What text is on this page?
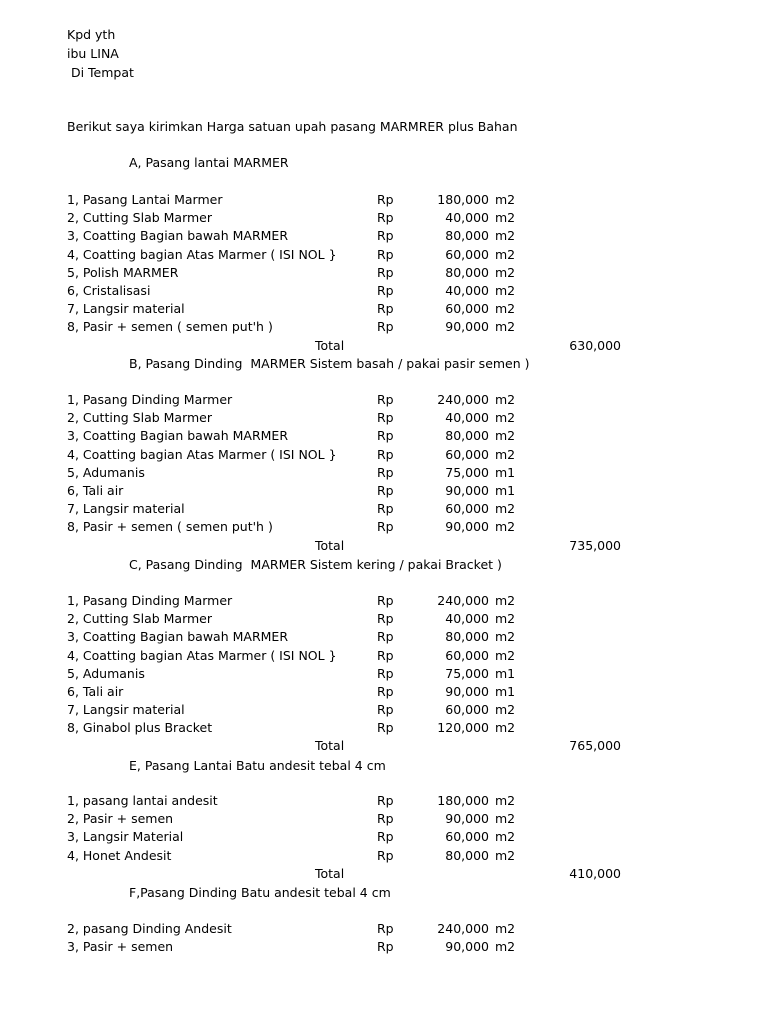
Kpd yth
ibu LINA
Di Tempat
Berikut saya kirimkan Harga satuan upah pasang MARMRER plus Bahan
A, Pasang lantai MARMER
1, Pasang Lantai Marmer	Rp	180,000 m2
2, Cutting Slab Marmer	Rp	40,000 m2
3, Coatting Bagian bawah MARMER	Rp	80,000 m2
4, Coatting bagian Atas Marmer ( ISI NOL }	Rp	60,000 m2
5, Polish MARMER	Rp	80,000 m2
6, Cristalisasi	Rp	40,000 m2
7, Langsir material	Rp	60,000 m2
8, Pasir + semen ( semen put'h )	Rp	90,000 m2
Total	630,000
B, Pasang Dinding  MARMER Sistem basah / pakai pasir semen )
1, Pasang Dinding Marmer	Rp	240,000 m2
2, Cutting Slab Marmer	Rp	40,000 m2
3, Coatting Bagian bawah MARMER	Rp	80,000 m2
4, Coatting bagian Atas Marmer ( ISI NOL }	Rp	60,000 m2
5, Adumanis	Rp	75,000 m1
6, Tali air	Rp	90,000 m1
7, Langsir material	Rp	60,000 m2
8, Pasir + semen ( semen put'h )	Rp	90,000 m2
Total	735,000
C, Pasang Dinding  MARMER Sistem kering / pakai Bracket )
1, Pasang Dinding Marmer	Rp	240,000 m2
2, Cutting Slab Marmer	Rp	40,000 m2
3, Coatting Bagian bawah MARMER	Rp	80,000 m2
4, Coatting bagian Atas Marmer ( ISI NOL }	Rp	60,000 m2
5, Adumanis	Rp	75,000 m1
6, Tali air	Rp	90,000 m1
7, Langsir material	Rp	60,000 m2
8, Ginabol plus Bracket	Rp	120,000 m2
Total	765,000
E, Pasang Lantai Batu andesit tebal 4 cm
1, pasang lantai andesit	Rp	180,000 m2
2, Pasir + semen	Rp	90,000 m2
3, Langsir Material	Rp	60,000 m2
4, Honet Andesit	Rp	80,000 m2
Total	410,000
F,Pasang Dinding Batu andesit tebal 4 cm
2, pasang Dinding Andesit	Rp	240,000 m2
3, Pasir + semen	Rp	90,000 m2
